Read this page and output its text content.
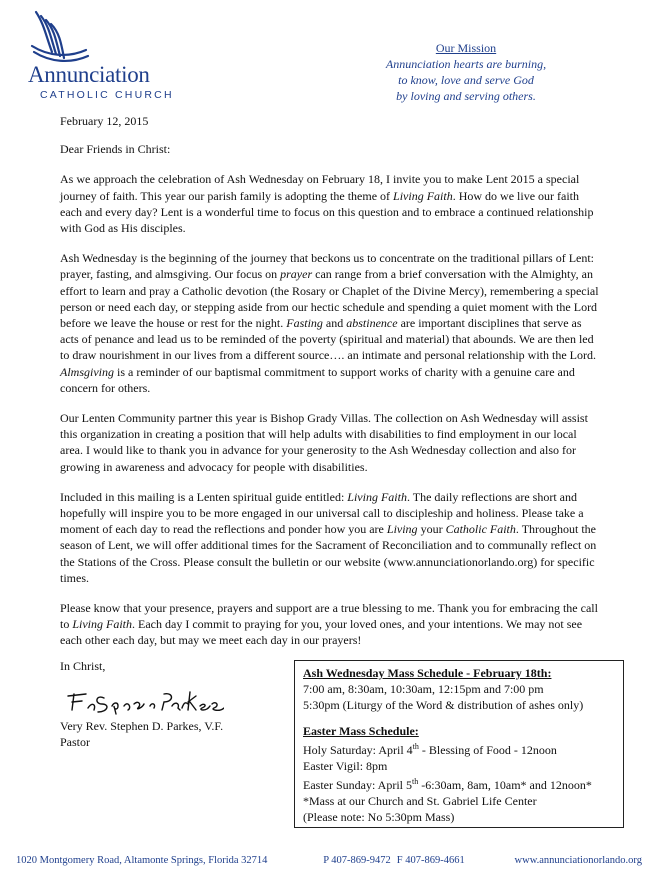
Annunciation
CATHOLIC CHURCH
Our Mission
Annunciation hearts are burning,
to know, love and serve God
by loving and serving others.

February 12, 2015

Dear Friends in Christ:

As we approach the celebration of Ash Wednesday on February 18, I invite you to make Lent 2015 a special journey of faith. This year our parish family is adopting the theme of Living Faith. How do we live our faith each and every day? Lent is a wonderful time to focus on this question and to embrace a continued relationship with God as His disciples.

Ash Wednesday is the beginning of the journey that beckons us to concentrate on the traditional pillars of Lent: prayer, fasting, and almsgiving. Our focus on prayer can range from a brief conversation with the Almighty, an effort to learn and pray a Catholic devotion (the Rosary or Chaplet of the Divine Mercy), remembering a special person or need each day, or stepping aside from our hectic schedule and spending a quiet moment with the Lord before we leave the house or rest for the night. Fasting and abstinence are important disciplines that serve as acts of penance and lead us to be reminded of the poverty (spiritual and material) that abounds. We are then led to draw nourishment in our lives from a different source…. an intimate and personal relationship with the Lord. Almsgiving is a reminder of our baptismal commitment to support works of charity with a genuine care and concern for others.

Our Lenten Community partner this year is Bishop Grady Villas. The collection on Ash Wednesday will assist this organization in creating a position that will help adults with disabilities to find employment in our local area. I would like to thank you in advance for your generosity to the Ash Wednesday collection and also for growing in awareness and advocacy for people with disabilities.

Included in this mailing is a Lenten spiritual guide entitled: Living Faith. The daily reflections are short and hopefully will inspire you to be more engaged in our universal call to discipleship and holiness. Please take a moment of each day to read the reflections and ponder how you are Living your Catholic Faith. Throughout the season of Lent, we will offer additional times for the Sacrament of Reconciliation and to communally reflect on the Stations of the Cross. Please consult the bulletin or our website (www.annunciationorlando.org) for specific times.

Please know that your presence, prayers and support are a true blessing to me. Thank you for embracing the call to Living Faith. Each day I commit to praying for you, your loved ones, and your intentions. We may not see each other each day, but may we meet each day in our prayers!

In Christ,
Very Rev. Stephen D. Parkes, V.F.
Pastor
Ash Wednesday Mass Schedule - February 18th:
7:00 am, 8:30am, 10:30am, 12:15pm and 7:00 pm
5:30pm (Liturgy of the Word & distribution of ashes only)
Easter Mass Schedule:
Holy Saturday: April 4th - Blessing of Food - 12noon
Easter Vigil: 8pm
Easter Sunday: April 5th -6:30am, 8am, 10am* and 12noon*
*Mass at our Church and St. Gabriel Life Center
(Please note: No 5:30pm Mass)
1020 Montgomery Road, Altamonte Springs, Florida 32714	P 407-869-9472 F 407-869-4661	www.annunciationorlando.org
